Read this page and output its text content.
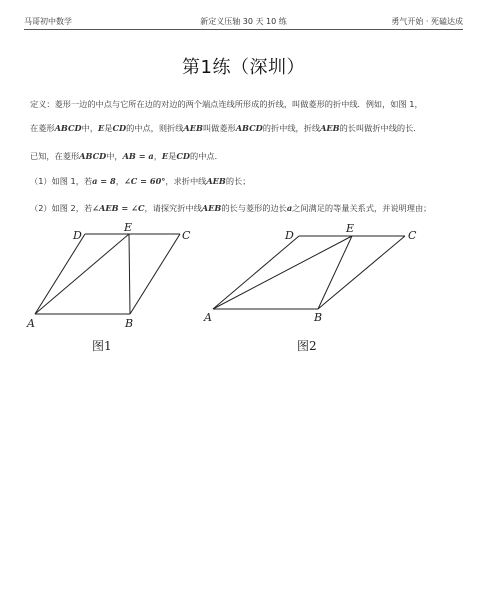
马哥初中数学	新定义压轴 30 天 10 练	勇气开始 · 死磕达成
第1练（深圳）
定义：菱形一边的中点与它所在边的对边的两个端点连线所形成的折线，叫做菱形的折中线．例如，如图 1，
在菱形ABCD中，E是CD的中点，则折线AEB叫做菱形ABCD的折中线，折线AEB的长叫做折中线的长．
已知，在菱形ABCD中，AB = a，E是CD的中点．
（1）如图 1，若a = 8，∠C = 60°，求折中线AEB的长；
（2）如图 2，若∠AEB = ∠C，请探究折中线AEB的长与菱形的边长a之间满足的等量关系式，并说明理由；
A	B
C
D
E
图1
A	B
C
D
E
图2
